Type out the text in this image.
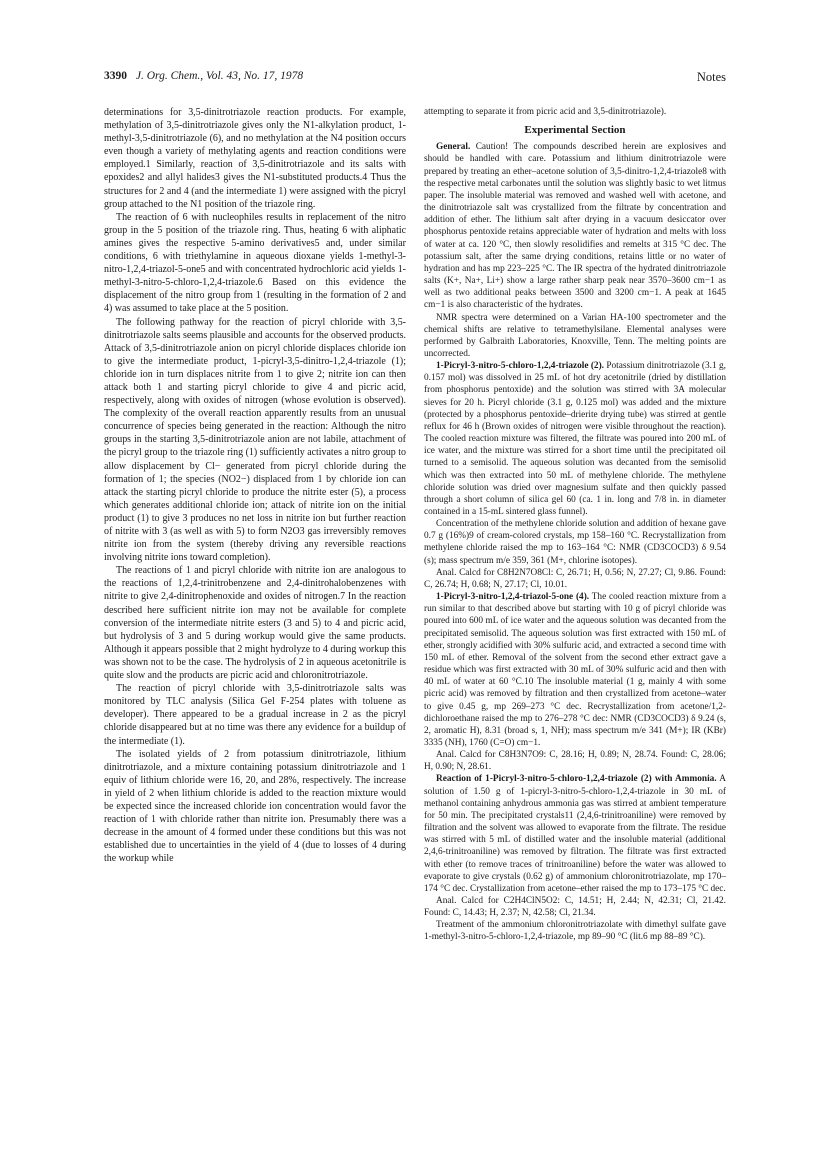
3390 J. Org. Chem., Vol. 43, No. 17, 1978	Notes

determinations for 3,5-dinitrotriazole reaction products. For example, methylation of 3,5-dinitrotriazole gives only the N1-alkylation product, 1-methyl-3,5-dinitrotriazole (6), and no methylation at the N4 position occurs even though a variety of methylating agents and reaction conditions were employed.1 Similarly, reaction of 3,5-dinitrotriazole and its salts with epoxides2 and allyl halides3 gives the N1-substituted products.4 Thus the structures for 2 and 4 (and the intermediate 1) were assigned with the picryl group attached to the N1 position of the triazole ring.

The reaction of 6 with nucleophiles results in replacement of the nitro group in the 5 position of the triazole ring. Thus, heating 6 with aliphatic amines gives the respective 5-amino derivatives5 and, under similar conditions, 6 with triethylamine in aqueous dioxane yields 1-methyl-3-nitro-1,2,4-triazol-5-one5 and with concentrated hydrochloric acid yields 1-methyl-3-nitro-5-chloro-1,2,4-triazole.6 Based on this evidence the displacement of the nitro group from 1 (resulting in the formation of 2 and 4) was assumed to take place at the 5 position.

The following pathway for the reaction of picryl chloride with 3,5-dinitrotriazole salts seems plausible and accounts for the observed products. Attack of 3,5-dinitrotriazole anion on picryl chloride displaces chloride ion to give the intermediate product, 1-picryl-3,5-dinitro-1,2,4-triazole (1); chloride ion in turn displaces nitrite from 1 to give 2; nitrite ion can then attack both 1 and starting picryl chloride to give 4 and picric acid, respectively, along with oxides of nitrogen (whose evolution is observed). The complexity of the overall reaction apparently results from an unusual concurrence of species being generated in the reaction: Although the nitro groups in the starting 3,5-dinitrotriazole anion are not labile, attachment of the picryl group to the triazole ring (1) sufficiently activates a nitro group to allow displacement by Cl− generated from picryl chloride during the formation of 1; the species (NO2−) displaced from 1 by chloride ion can attack the starting picryl chloride to produce the nitrite ester (5), a process which generates additional chloride ion; attack of nitrite ion on the initial product (1) to give 3 produces no net loss in nitrite ion but further reaction of nitrite with 3 (as well as with 5) to form N2O3 gas irreversibly removes nitrite ion from the system (thereby driving any reversible reactions involving nitrite ions toward completion).

The reactions of 1 and picryl chloride with nitrite ion are analogous to the reactions of 1,2,4-trinitrobenzene and 2,4-dinitrohalobenzenes with nitrite to give 2,4-dinitrophenoxide and oxides of nitrogen.7 In the reaction described here sufficient nitrite ion may not be available for complete conversion of the intermediate nitrite esters (3 and 5) to 4 and picric acid, but hydrolysis of 3 and 5 during workup would give the same products. Although it appears possible that 2 might hydrolyze to 4 during workup this was shown not to be the case. The hydrolysis of 2 in aqueous acetonitrile is quite slow and the products are picric acid and chloronitrotriazole.

The reaction of picryl chloride with 3,5-dinitrotriazole salts was monitored by TLC analysis (Silica Gel F-254 plates with toluene as developer). There appeared to be a gradual increase in 2 as the picryl chloride disappeared but at no time was there any evidence for a buildup of the intermediate (1).

The isolated yields of 2 from potassium dinitrotriazole, lithium dinitrotriazole, and a mixture containing potassium dinitrotriazole and 1 equiv of lithium chloride were 16, 20, and 28%, respectively. The increase in yield of 2 when lithium chloride is added to the reaction mixture would be expected since the increased chloride ion concentration would favor the reaction of 1 with chloride rather than nitrite ion. Presumably there was a decrease in the amount of 4 formed under these conditions but this was not established due to uncertainties in the yield of 4 (due to losses of 4 during the workup while

attempting to separate it from picric acid and 3,5-dinitrotriazole).

Experimental Section

General. Caution! The compounds described herein are explosives and should be handled with care. Potassium and lithium dinitrotriazole were prepared by treating an ether–acetone solution of 3,5-dinitro-1,2,4-triazole8 with the respective metal carbonates until the solution was slightly basic to wet litmus paper. The insoluble material was removed and washed well with acetone, and the dinitrotriazole salt was crystallized from the filtrate by concentration and addition of ether. The lithium salt after drying in a vacuum desiccator over phosphorus pentoxide retains appreciable water of hydration and melts with loss of water at ca. 120 °C, then slowly resolidifies and remelts at 315 °C dec. The potassium salt, after the same drying conditions, retains little or no water of hydration and has mp 223–225 °C. The IR spectra of the hydrated dinitrotriazole salts (K+, Na+, Li+) show a large rather sharp peak near 3570–3600 cm−1 as well as two additional peaks between 3500 and 3200 cm−1. A peak at 1645 cm−1 is also characteristic of the hydrates.

NMR spectra were determined on a Varian HA-100 spectrometer and the chemical shifts are relative to tetramethylsilane. Elemental analyses were performed by Galbraith Laboratories, Knoxville, Tenn. The melting points are uncorrected.

1-Picryl-3-nitro-5-chloro-1,2,4-triazole (2). Potassium dinitrotriazole (3.1 g, 0.157 mol) was dissolved in 25 mL of hot dry acetonitrile (dried by distillation from phosphorus pentoxide) and the solution was stirred with 3A molecular sieves for 20 h. Picryl chloride (3.1 g, 0.125 mol) was added and the mixture (protected by a phosphorus pentoxide–drierite drying tube) was stirred at gentle reflux for 46 h (Brown oxides of nitrogen were visible throughout the reaction). The cooled reaction mixture was filtered, the filtrate was poured into 200 mL of ice water, and the mixture was stirred for a short time until the precipitated oil turned to a semisolid. The aqueous solution was decanted from the semisolid which was then extracted into 50 mL of methylene chloride. The methylene chloride solution was dried over magnesium sulfate and then quickly passed through a short column of silica gel 60 (ca. 1 in. long and 7/8 in. in diameter contained in a 15-mL sintered glass funnel).

Concentration of the methylene chloride solution and addition of hexane gave 0.7 g (16%)9 of cream-colored crystals, mp 158–160 °C. Recrystallization from methylene chloride raised the mp to 163–164 °C: NMR (CD3COCD3) δ 9.54 (s); mass spectrum m/e 359, 361 (M+, chlorine isotopes).

Anal. Calcd for C8H2N7O8Cl: C, 26.71; H, 0.56; N, 27.27; Cl, 9.86. Found: C, 26.74; H, 0.68; N, 27.17; Cl, 10.01.

1-Picryl-3-nitro-1,2,4-triazol-5-one (4). The cooled reaction mixture from a run similar to that described above but starting with 10 g of picryl chloride was poured into 600 mL of ice water and the aqueous solution was decanted from the precipitated semisolid. The aqueous solution was first extracted with 150 mL of ether, strongly acidified with 30% sulfuric acid, and extracted a second time with 150 mL of ether. Removal of the solvent from the second ether extract gave a residue which was first extracted with 30 mL of 30% sulfuric acid and then with 40 mL of water at 60 °C.10 The insoluble material (1 g, mainly 4 with some picric acid) was removed by filtration and then crystallized from acetone–water to give 0.45 g, mp 269–273 °C dec. Recrystallization from acetone/1,2-dichloroethane raised the mp to 276–278 °C dec: NMR (CD3COCD3) δ 9.24 (s, 2, aromatic H), 8.31 (broad s, 1, NH); mass spectrum m/e 341 (M+); IR (KBr) 3335 (NH), 1760 (C=O) cm−1.

Anal. Calcd for C8H3N7O9: C, 28.16; H, 0.89; N, 28.74. Found: C, 28.06; H, 0.90; N, 28.61.

Reaction of 1-Picryl-3-nitro-5-chloro-1,2,4-triazole (2) with Ammonia. A solution of 1.50 g of 1-picryl-3-nitro-5-chloro-1,2,4-triazole in 30 mL of methanol containing anhydrous ammonia gas was stirred at ambient temperature for 50 min. The precipitated crystals11 (2,4,6-trinitroaniline) were removed by filtration and the solvent was allowed to evaporate from the filtrate. The residue was stirred with 5 mL of distilled water and the insoluble material (additional 2,4,6-trinitroaniline) was removed by filtration. The filtrate was first extracted with ether (to remove traces of trinitroaniline) before the water was allowed to evaporate to give crystals (0.62 g) of ammonium chloronitrotriazolate, mp 170–174 °C dec. Crystallization from acetone–ether raised the mp to 173–175 °C dec.

Anal. Calcd for C2H4ClN5O2: C, 14.51; H, 2.44; N, 42.31; Cl, 21.42. Found: C, 14.43; H, 2.37; N, 42.58; Cl, 21.34.

Treatment of the ammonium chloronitrotriazolate with dimethyl sulfate gave 1-methyl-3-nitro-5-chloro-1,2,4-triazole, mp 89–90 °C (lit.6 mp 88–89 °C).
